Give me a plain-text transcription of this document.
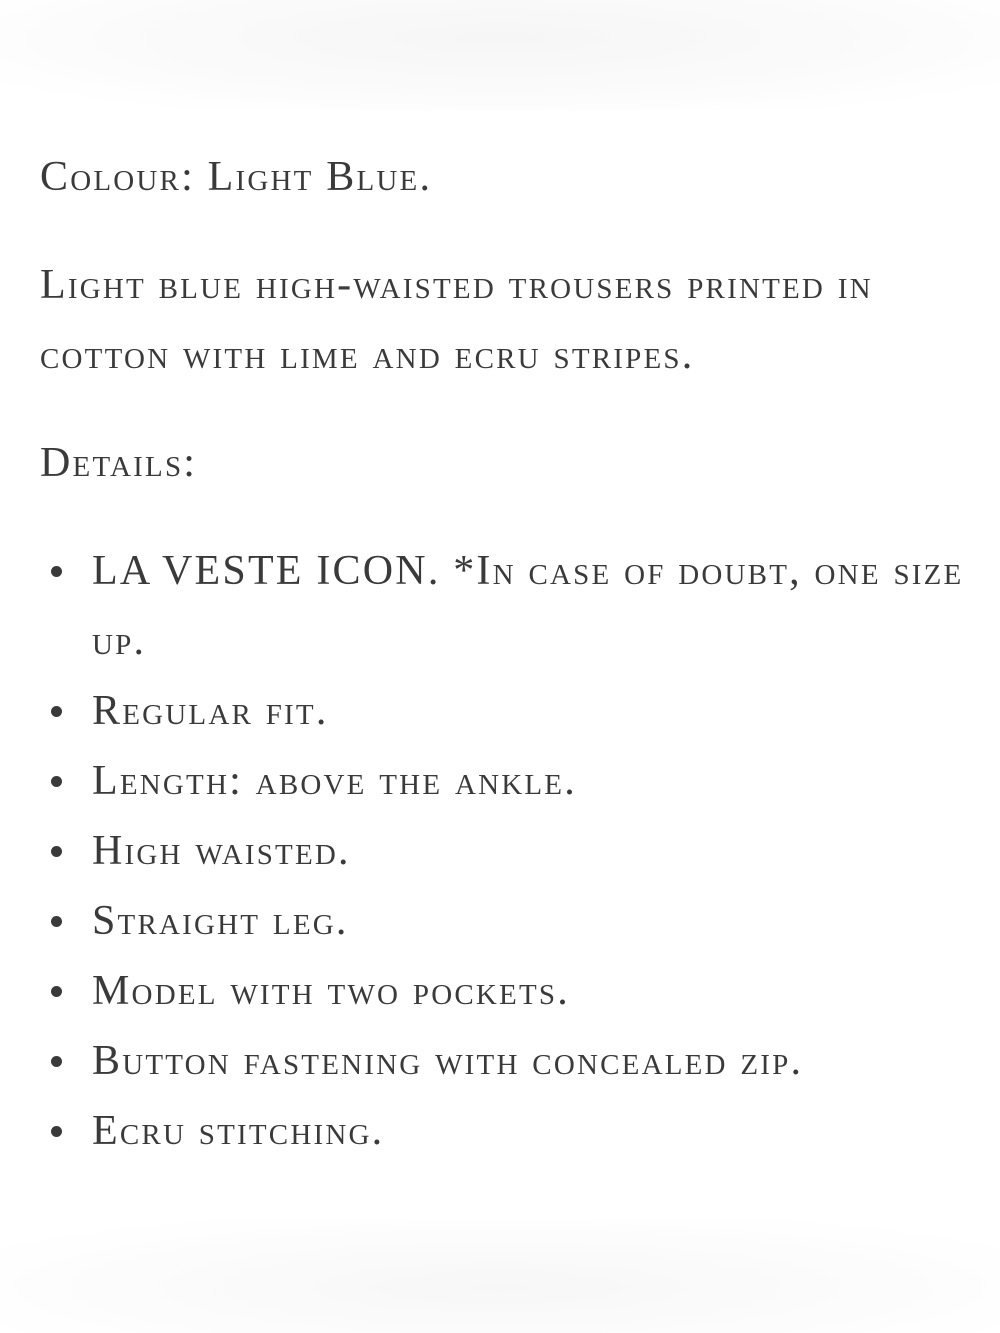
Colour: Light Blue.

Light blue high-waisted trousers printed in cotton with lime and ecru stripes.

Details:

LA VESTE ICON. *In case of doubt, one size up.
Regular fit.
Length: above the ankle.
High waisted.
Straight leg.
Model with two pockets.
Button fastening with concealed zip.
Ecru stitching.
